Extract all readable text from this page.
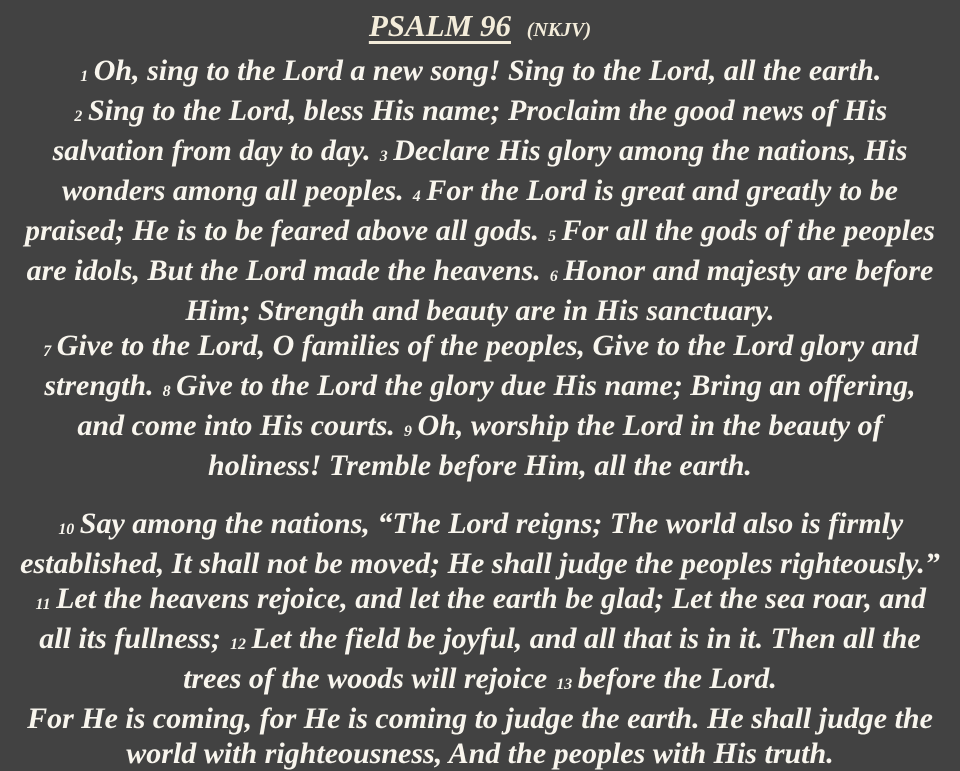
PSALM 96 (NKJV)

1 Oh, sing to the Lord a new song! Sing to the Lord, all the earth.

2 Sing to the Lord, bless His name; Proclaim the good news of His salvation from day to day. 3 Declare His glory among the nations, His wonders among all peoples. 4 For the Lord is great and greatly to be praised; He is to be feared above all gods. 5 For all the gods of the peoples are idols, But the Lord made the heavens. 6 Honor and majesty are before Him; Strength and beauty are in His sanctuary.

7 Give to the Lord, O families of the peoples, Give to the Lord glory and strength. 8 Give to the Lord the glory due His name; Bring an offering, and come into His courts. 9 Oh, worship the Lord in the beauty of holiness! Tremble before Him, all the earth.

10 Say among the nations, “The Lord reigns; The world also is firmly established, It shall not be moved; He shall judge the peoples righteously.”

11 Let the heavens rejoice, and let the earth be glad; Let the sea roar, and all its fullness; 12 Let the field be joyful, and all that is in it. Then all the trees of the woods will rejoice 13 before the Lord.

For He is coming, for He is coming to judge the earth. He shall judge the world with righteousness, And the peoples with His truth.
